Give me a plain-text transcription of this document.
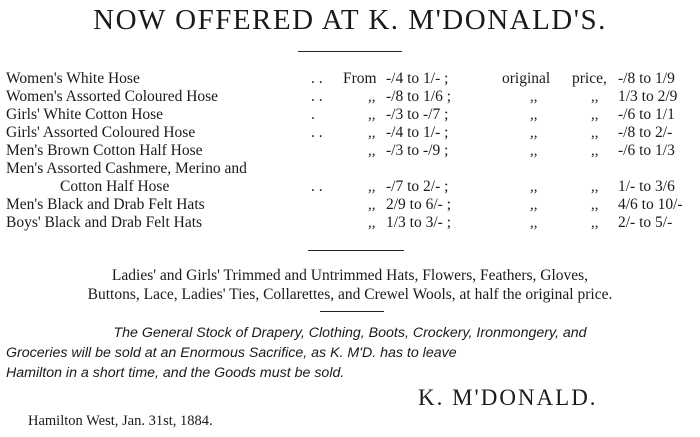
NOW OFFERED AT K. M'DONALD'S.
Women's White Hose	. . From -/4 to 1/- ;	original price, -/8 to 1/9
Women's Assorted Coloured Hose	. .	,, -/8 to 1/6 ;	,,	,, 1/3 to 2/9
Girls' White Cotton Hose	.	,, -/3 to -/7 ;	,,	,, -/6 to 1/1
Girls' Assorted Coloured Hose	. .	,, -/4 to 1/- ;	,,	,, -/8 to 2/-
Men's Brown Cotton Half Hose	,, -/3 to -/9 ;	,,	,, -/6 to 1/3
Men's Assorted Cashmere, Merino and
Cotton Half Hose	. .	,, -/7 to 2/- ;	,,	,, 1/- to 3/6
Men's Black and Drab Felt Hats	,, 2/9 to 6/- ;	,,	,, 4/6 to 10/-
Boys' Black and Drab Felt Hats	,, 1/3 to 3/- ;	,,	,, 2/- to 5/-
Ladies' and Girls' Trimmed and Untrimmed Hats, Flowers, Feathers, Gloves,
Buttons, Lace, Ladies' Ties, Collarettes, and Crewel Wools, at half the original price.
The General Stock of Drapery, Clothing, Boots, Crockery, Ironmongery, and
Groceries will be sold at an Enormous Sacrifice, as K. M'D. has to leave
Hamilton in a short time, and the Goods must be sold.
K. M'DONALD.
Hamilton West, Jan. 31st, 1884.
